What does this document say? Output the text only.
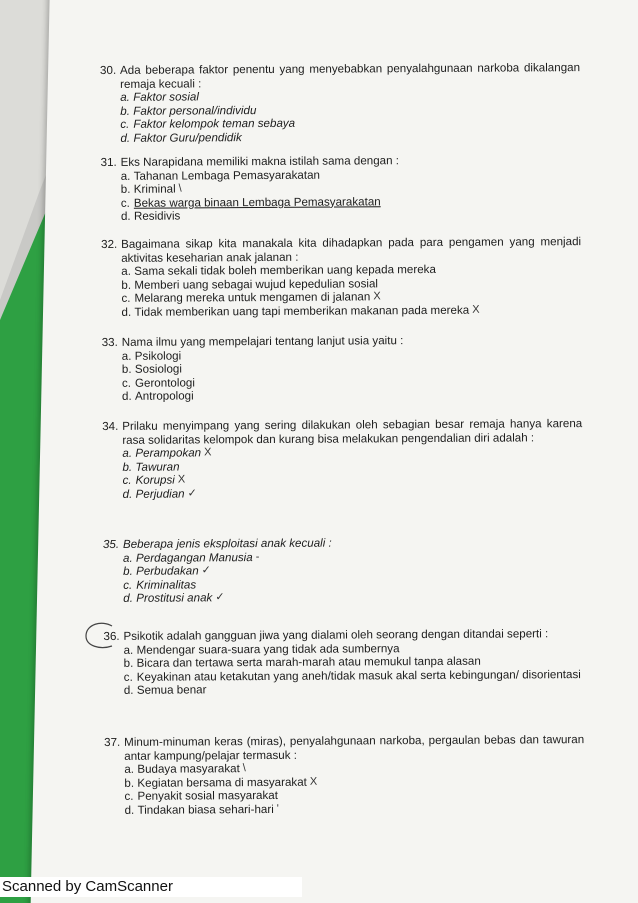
30. Ada beberapa faktor penentu yang menyebabkan penyalahgunaan narkoba dikalangan remaja kecuali :
a. Faktor sosial
b. Faktor personal/individu
c. Faktor kelompok teman sebaya
d. Faktor Guru/pendidik
31. Eks Narapidana memiliki makna istilah sama dengan :
a. Tahanan Lembaga Pemasyarakatan
b. Kriminal \
c. Bekas warga binaan Lembaga Pemasyarakatan
d. Residivis
32. Bagaimana sikap kita manakala kita dihadapkan pada para pengamen yang menjadi aktivitas keseharian anak jalanan :
a. Sama sekali tidak boleh memberikan uang kepada mereka
b. Memberi uang sebagai wujud kepedulian sosial
c. Melarang mereka untuk mengamen di jalanan X
d. Tidak memberikan uang tapi memberikan makanan pada mereka X
33. Nama ilmu yang mempelajari tentang lanjut usia yaitu :
a. Psikologi
b. Sosiologi
c. Gerontologi
d. Antropologi
34. Prilaku menyimpang yang sering dilakukan oleh sebagian besar remaja hanya karena rasa solidaritas kelompok dan kurang bisa melakukan pengendalian diri adalah :
a. Perampokan X
b. Tawuran
c. Korupsi X
d. Perjudian ✓
35. Beberapa jenis eksploitasi anak kecuali :
a. Perdagangan Manusia -
b. Perbudakan ✓
c. Kriminalitas
d. Prostitusi anak ✓
36. Psikotik adalah gangguan jiwa yang dialami oleh seorang dengan ditandai seperti :
a. Mendengar suara-suara yang tidak ada sumbernya
b. Bicara dan tertawa serta marah-marah atau memukul tanpa alasan
c. Keyakinan atau ketakutan yang aneh/tidak masuk akal serta kebingungan/ disorientasi
d. Semua benar
37. Minum-minuman keras (miras), penyalahgunaan narkoba, pergaulan bebas dan tawuran antar kampung/pelajar termasuk :
a. Budaya masyarakat \
b. Kegiatan bersama di masyarakat X
c. Penyakit sosial masyarakat
d. Tindakan biasa sehari-hari '
Scanned by CamScanner
